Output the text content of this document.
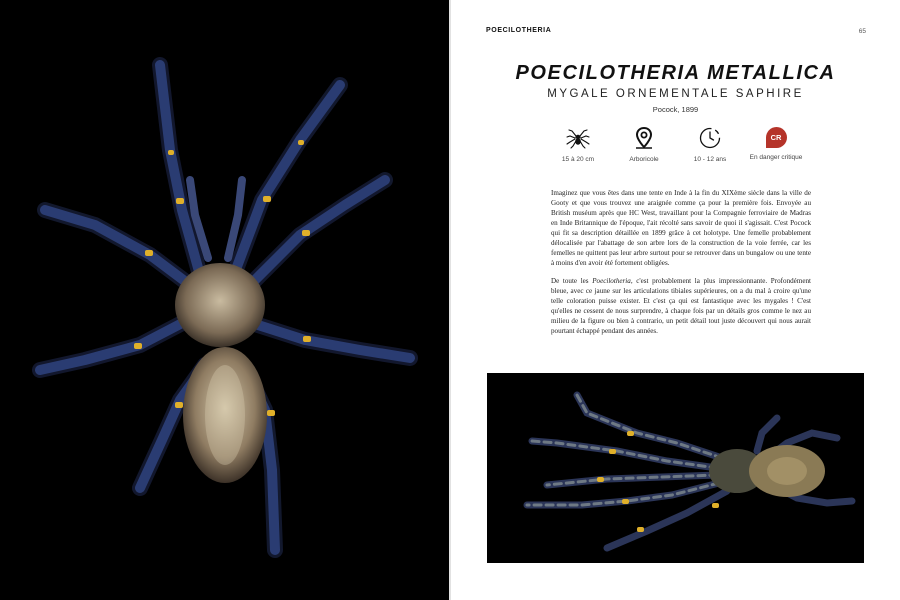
POECILOTHERIA	65
POECILOTHERIA METALLICA
MYGALE ORNEMENTALE SAPHIRE
Pocock, 1899
15 à 20 cm	Arboricole	10 - 12 ans
CR
En danger critique

Imaginez que vous êtes dans une tente en Inde à la fin du XIXème siècle dans la ville de Gooty et que vous trouvez une araignée comme ça pour la première fois. Envoyée au British muséum après que HC West, travaillant pour la Compagnie ferroviaire de Madras en Inde Britannique de l'époque, l'ait récolté sans savoir de quoi il s'agissait. C'est Pocock qui fit sa description détaillée en 1899 grâce à cet holotype. Une femelle probablement délocalisée par l'abattage de son arbre lors de la construction de la voie ferrée, car les femelles ne quittent pas leur arbre surtout pour se retrouver dans un bungalow ou une tente à moins d'en avoir été fortement obligées.

De toute les Poecilotheria, c'est probablement la plus impressionnante. Profondément bleue, avec ce jaune sur les articulations tibiales supérieures, on a du mal à croire qu'une telle coloration puisse exister. Et c'est ça qui est fantastique avec les mygales ! C'est qu'elles ne cessent de nous surprendre, à chaque fois par un détails gros comme le nez au milieu de la figure ou bien à contrario, un petit détail tout juste découvert qui nous aurait pourtant échappé pendant des années.
